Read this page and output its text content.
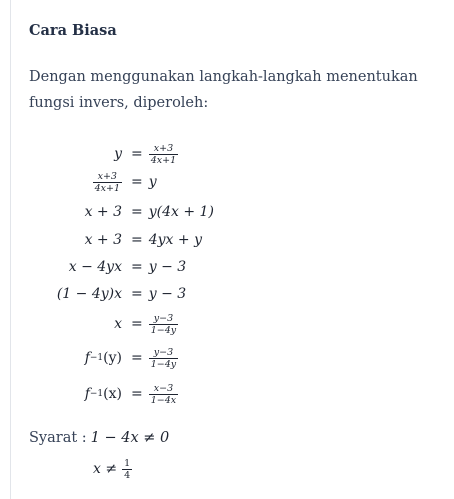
Cara Biasa
Dengan menggunakan langkah-langkah menentukan fungsi invers, diperoleh:
$y = \frac{x+3}{4x+1}$
$\frac{x+3}{4x+1} = y$
x + 3 = y(4x + 1)
x + 3 = 4yx + y
x − 4yx = y − 3
(1 − 4y)x = y − 3
$x = \frac{y-3}{1-4y}$
f −1 $(y) = \frac{y-3}{1-4y}$
f −1 $(x) = \frac{x-3}{1-4x}$
Syarat : 1 − 4x ≠ 0
$x \ne \frac{1}{4}$
